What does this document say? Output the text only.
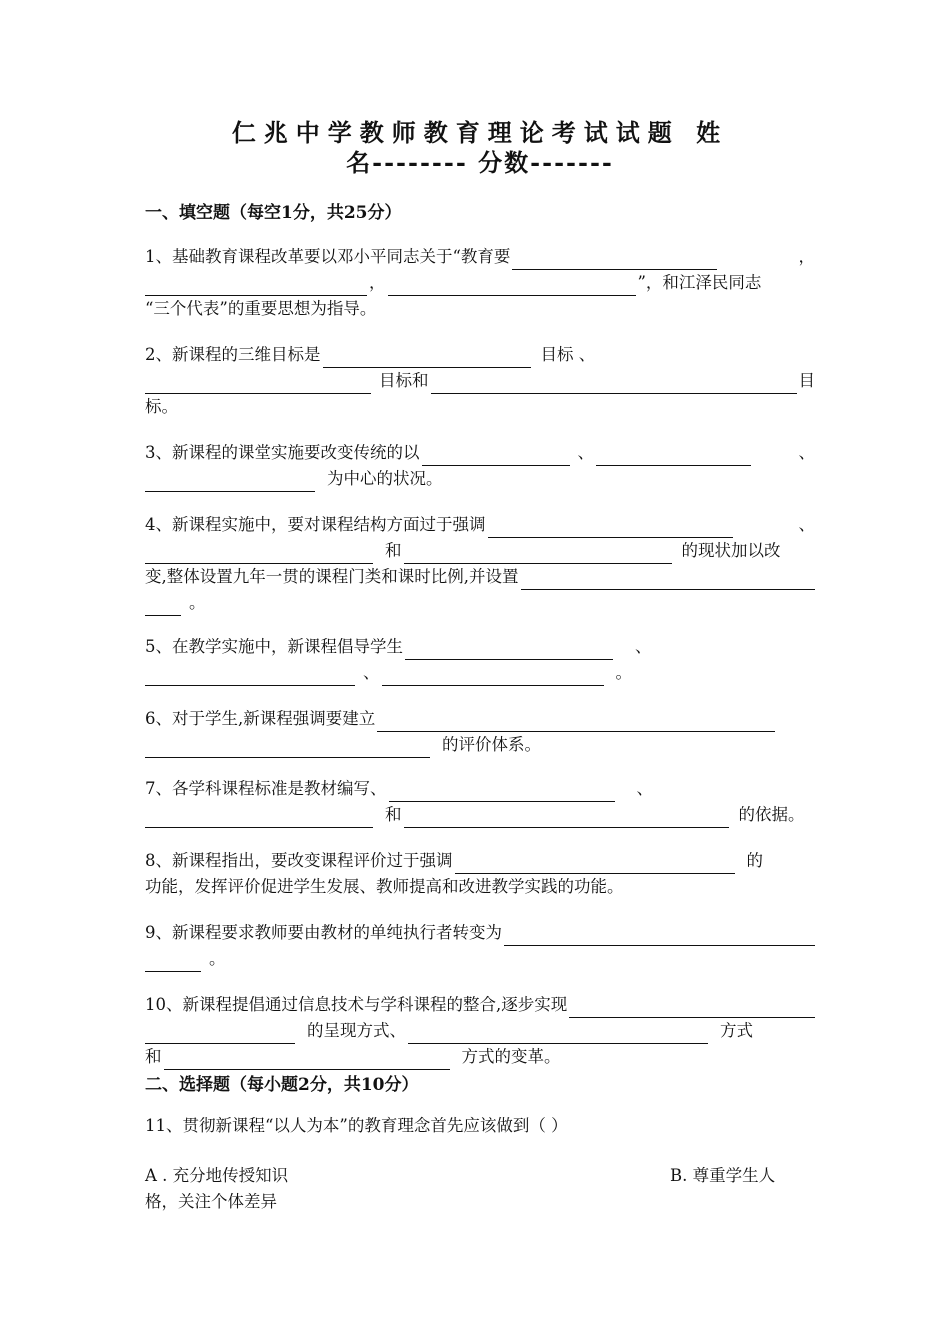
仁兆中学教师教育理论考试试题 姓
名-------- 分数-------
一、填空题（每空1分，共25分）
1、基础教育课程改革要以邓小平同志关于“教育要	，
，	”，和江泽民同志
“三个代表”的重要思想为指导。
2、新课程的三维目标是	目标 、
目标和	目
标。
3、新课程的课堂实施要改变传统的以	、	、
为中心的状况。
4、新课程实施中，要对课程结构方面过于强调	、
和	的现状加以改
变,整体设置九年一贯的课程门类和课时比例,并设置
。
5、在教学实施中，新课程倡导学生	、
、	。
6、对于学生,新课程强调要建立
的评价体系。
7、各学科课程标准是教材编写、	、
和	的依据。
8、新课程指出，要改变课程评价过于强调	的
功能，发挥评价促进学生发展、教师提高和改进教学实践的功能。
9、新课程要求教师要由教材的单纯执行者转变为
。
10、新课程提倡通过信息技术与学科课程的整合,逐步实现
的呈现方式、	方式
和	方式的变革。
二、选择题（每小题2分，共10分）
11、贯彻新课程“以人为本”的教育理念首先应该做到（ ）
A . 充分地传授知识	B. 尊重学生人
格，关注个体差异
